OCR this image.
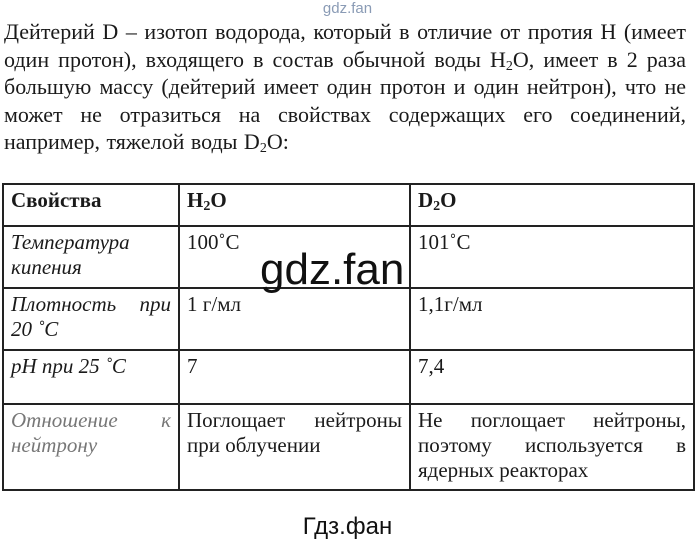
gdz.fan
Дейтерий D – изотоп водорода, который в отличие от протия H (имеет
один протон), входящего в состав обычной воды $H_2O$, имеет в 2 раза
большую массу (дейтерий имеет один протон и один нейтрон), что не
может не отразиться на свойствах содержащих его соединений,
например, тяжелой воды $D_2O$:
Свойства	$H_2O$	$D_2O$
Температура кипения	100˚C	101˚C
Плотность при 20 ˚C	1 г/мл	1,1г/мл
pH при 25 ˚C	7	7,4
Отношение к нейтрону	Поглощает нейтроны при облучении	Не поглощает нейтроны, поэтому используется в ядерных реакторах
gdz.fan
Гдз.фан
